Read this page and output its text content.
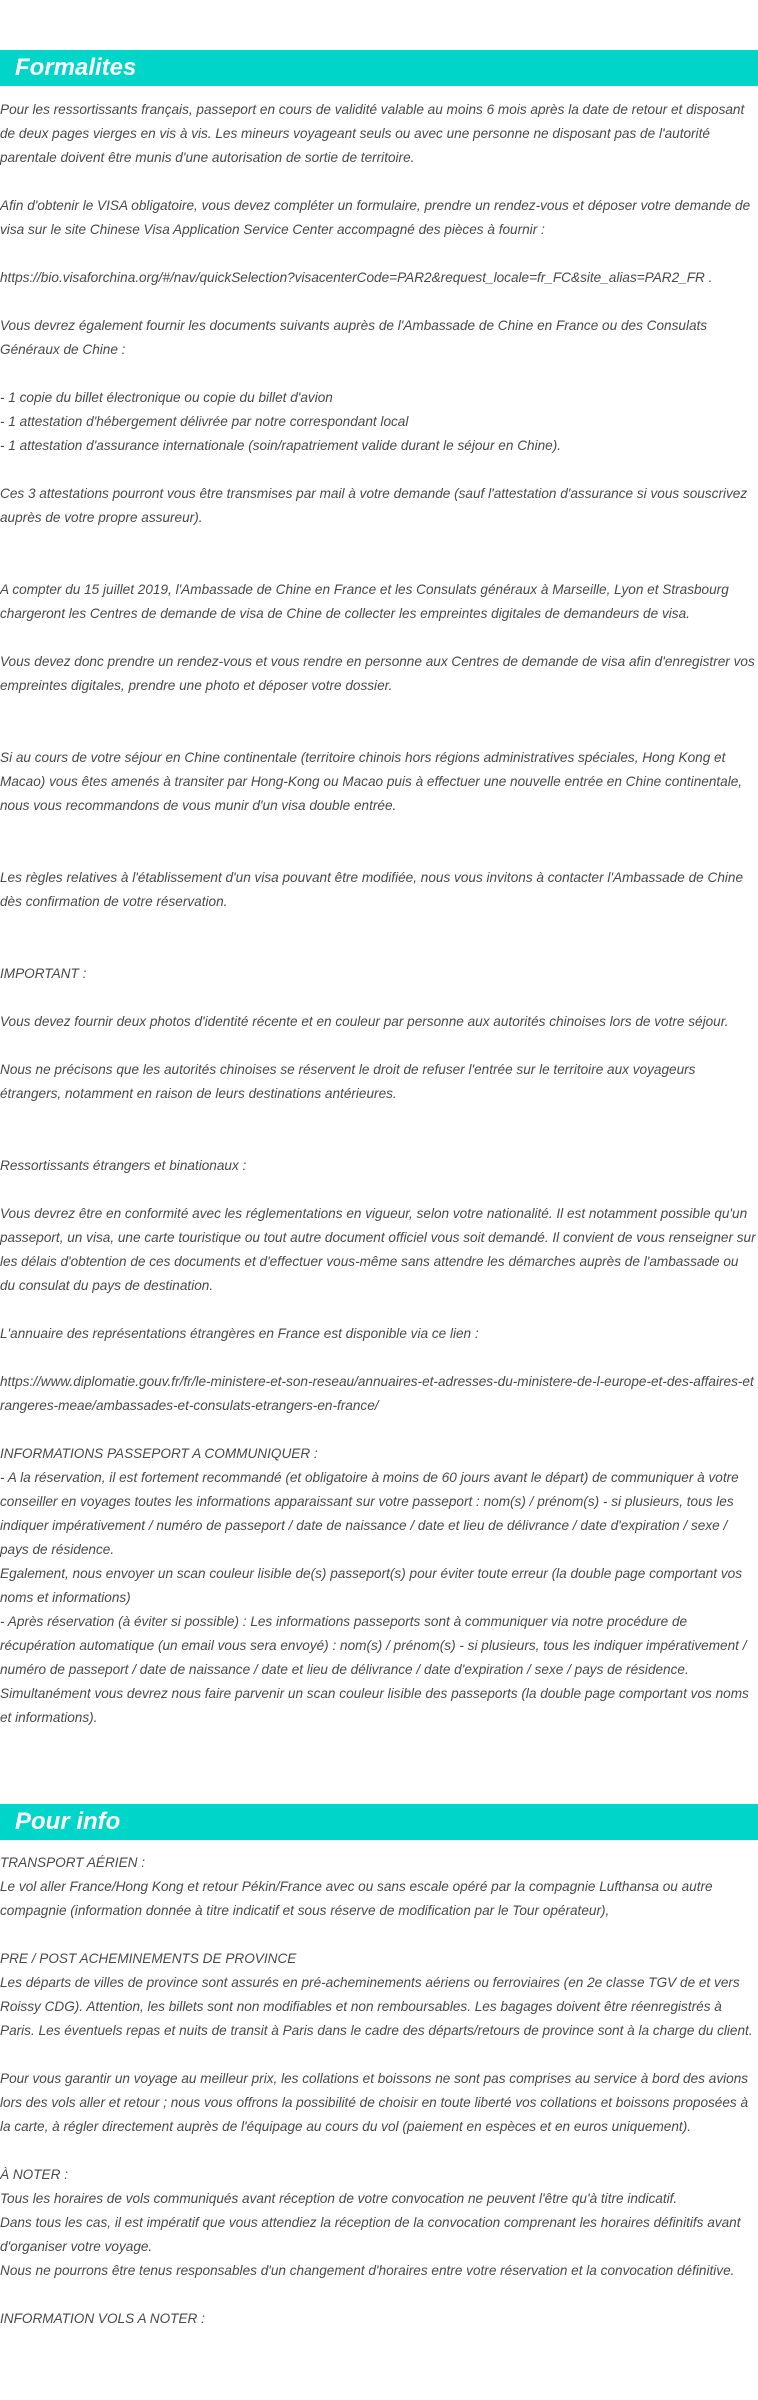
Formalites

Pour les ressortissants français, passeport en cours de validité valable au moins 6 mois après la date de retour et disposant de deux pages vierges en vis à vis. Les mineurs voyageant seuls ou avec une personne ne disposant pas de l'autorité parentale doivent être munis d'une autorisation de sortie de territoire.

Afin d'obtenir le VISA obligatoire, vous devez compléter un formulaire, prendre un rendez-vous et déposer votre demande de visa sur le site Chinese Visa Application Service Center accompagné des pièces à fournir :

https://bio.visaforchina.org/#/nav/quickSelection?visacenterCode=PAR2&request_locale=fr_FC&site_alias=PAR2_FR .

Vous devrez également fournir les documents suivants auprès de l'Ambassade de Chine en France ou des Consulats Généraux de Chine :

- 1 copie du billet électronique ou copie du billet d'avion

- 1 attestation d'hébergement délivrée par notre correspondant local

- 1 attestation d'assurance internationale (soin/rapatriement valide durant le séjour en Chine).

Ces 3 attestations pourront vous être transmises par mail à votre demande (sauf l'attestation d'assurance si vous souscrivez auprès de votre propre assureur).

A compter du 15 juillet 2019, l'Ambassade de Chine en France et les Consulats généraux à Marseille, Lyon et Strasbourg chargeront les Centres de demande de visa de Chine de collecter les empreintes digitales de demandeurs de visa.

Vous devez donc prendre un rendez-vous et vous rendre en personne aux Centres de demande de visa afin d'enregistrer vos empreintes digitales, prendre une photo et déposer votre dossier.

Si au cours de votre séjour en Chine continentale (territoire chinois hors régions administratives spéciales, Hong Kong et Macao) vous êtes amenés à transiter par Hong-Kong ou Macao puis à effectuer une nouvelle entrée en Chine continentale, nous vous recommandons de vous munir d'un visa double entrée.

Les règles relatives à l'établissement d'un visa pouvant être modifiée, nous vous invitons à contacter l'Ambassade de Chine dès confirmation de votre réservation.

IMPORTANT :

Vous devez fournir deux photos d'identité récente et en couleur par personne aux autorités chinoises lors de votre séjour.

Nous ne précisons que les autorités chinoises se réservent le droit de refuser l'entrée sur le territoire aux voyageurs étrangers, notamment en raison de leurs destinations antérieures.

Ressortissants étrangers et binationaux :

Vous devrez être en conformité avec les réglementations en vigueur, selon votre nationalité. Il est notamment possible qu'un passeport, un visa, une carte touristique ou tout autre document officiel vous soit demandé. Il convient de vous renseigner sur les délais d'obtention de ces documents et d'effectuer vous-même sans attendre les démarches auprès de l'ambassade ou du consulat du pays de destination.

L'annuaire des représentations étrangères en France est disponible via ce lien :

https://www.diplomatie.gouv.fr/fr/le-ministere-et-son-reseau/annuaires-et-adresses-du-ministere-de-l-europe-et-des-affaires-etrangeres-meae/ambassades-et-consulats-etrangers-en-france/

INFORMATIONS PASSEPORT A COMMUNIQUER :

- A la réservation, il est fortement recommandé (et obligatoire à moins de 60 jours avant le départ) de communiquer à votre conseiller en voyages toutes les informations apparaissant sur votre passeport : nom(s) / prénom(s) - si plusieurs, tous les indiquer impérativement / numéro de passeport / date de naissance / date et lieu de délivrance / date d'expiration / sexe / pays de résidence.

Egalement, nous envoyer un scan couleur lisible de(s) passeport(s) pour éviter toute erreur (la double page comportant vos noms et informations)

- Après réservation (à éviter si possible) : Les informations passeports sont à communiquer via notre procédure de récupération automatique (un email vous sera envoyé) : nom(s) / prénom(s) - si plusieurs, tous les indiquer impérativement / numéro de passeport / date de naissance / date et lieu de délivrance / date d'expiration / sexe / pays de résidence.

Simultanément vous devrez nous faire parvenir un scan couleur lisible des passeports (la double page comportant vos noms et informations).

Pour info

TRANSPORT AÉRIEN :

Le vol aller France/Hong Kong et retour Pékin/France avec ou sans escale opéré par la compagnie Lufthansa ou autre compagnie (information donnée à titre indicatif et sous réserve de modification par le Tour opérateur),

PRE / POST ACHEMINEMENTS DE PROVINCE

Les départs de villes de province sont assurés en pré-acheminements aériens ou ferroviaires (en 2e classe TGV de et vers Roissy CDG). Attention, les billets sont non modifiables et non remboursables. Les bagages doivent être réenregistrés à Paris. Les éventuels repas et nuits de transit à Paris dans le cadre des départs/retours de province sont à la charge du client.

Pour vous garantir un voyage au meilleur prix, les collations et boissons ne sont pas comprises au service à bord des avions lors des vols aller et retour ; nous vous offrons la possibilité de choisir en toute liberté vos collations et boissons proposées à la carte, à régler directement auprès de l'équipage au cours du vol (paiement en espèces et en euros uniquement).

À NOTER :

Tous les horaires de vols communiqués avant réception de votre convocation ne peuvent l'être qu'à titre indicatif.

Dans tous les cas, il est impératif que vous attendiez la réception de la convocation comprenant les horaires définitifs avant d'organiser votre voyage.

Nous ne pourrons être tenus responsables d'un changement d'horaires entre votre réservation et la convocation définitive.

INFORMATION VOLS A NOTER :
